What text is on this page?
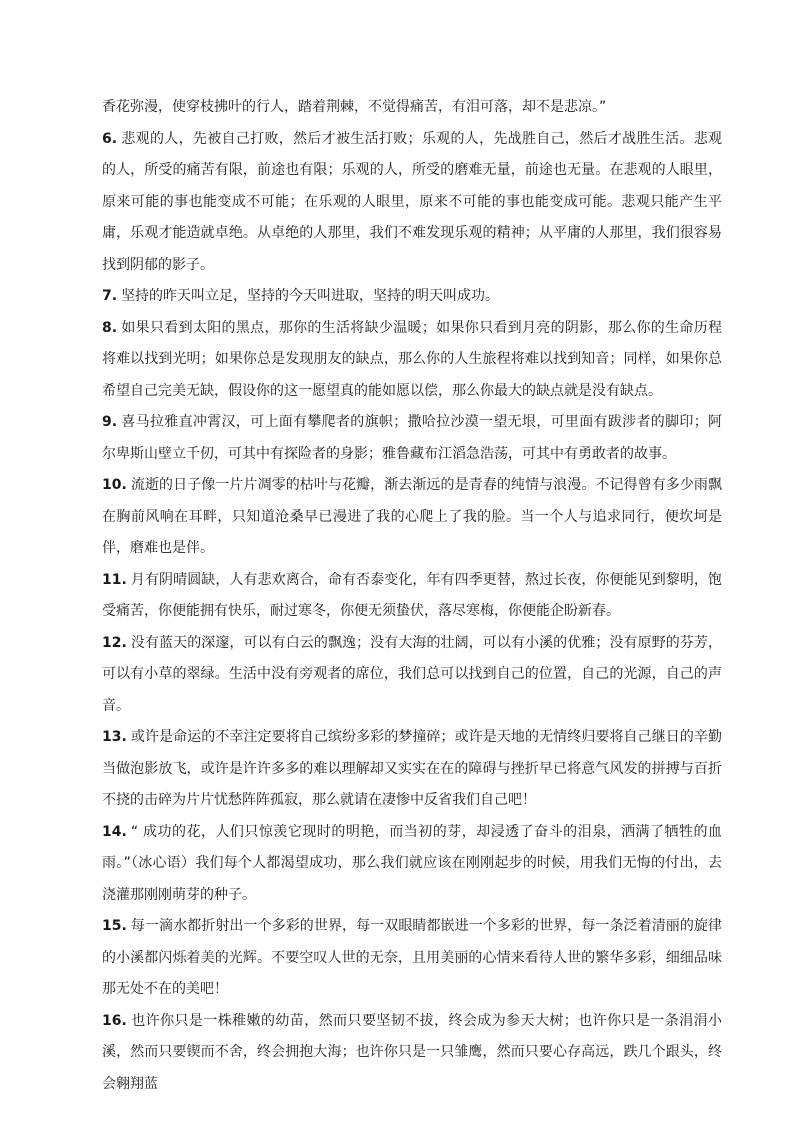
香花弥漫，使穿枝拂叶的行人，踏着荆棘，不觉得痛苦，有泪可落，却不是悲凉。”

6. 悲观的人，先被自己打败，然后才被生活打败；乐观的人，先战胜自己，然后才战胜生活。悲观的人，所受的痛苦有限，前途也有限；乐观的人，所受的磨难无量，前途也无量。在悲观的人眼里，原来可能的事也能变成不可能；在乐观的人眼里，原来不可能的事也能变成可能。悲观只能产生平庸，乐观才能造就卓绝。从卓绝的人那里，我们不难发现乐观的精神；从平庸的人那里，我们很容易找到阴郁的影子。

7. 坚持的昨天叫立足，坚持的今天叫进取，坚持的明天叫成功。

8. 如果只看到太阳的黑点，那你的生活将缺少温暖；如果你只看到月亮的阴影，那么你的生命历程将难以找到光明；如果你总是发现朋友的缺点，那么你的人生旅程将难以找到知音；同样，如果你总希望自己完美无缺，假设你的这一愿望真的能如愿以偿，那么你最大的缺点就是没有缺点。

9. 喜马拉雅直冲霄汉，可上面有攀爬者的旗帜；撒哈拉沙漠一望无垠，可里面有跋涉者的脚印；阿尔卑斯山壁立千仞，可其中有探险者的身影；雅鲁藏布江滔急浩荡，可其中有勇敢者的故事。

10. 流逝的日子像一片片凋零的枯叶与花瓣，渐去渐远的是青春的纯情与浪漫。不记得曾有多少雨飘在胸前风响在耳畔，只知道沧桑早已漫进了我的心爬上了我的脸。当一个人与追求同行，便坎坷是伴，磨难也是伴。

11. 月有阴晴圆缺，人有悲欢离合，命有否泰变化，年有四季更替，熬过长夜，你便能见到黎明，饱受痛苦，你便能拥有快乐，耐过寒冬，你便无须蛰伏，落尽寒梅，你便能企盼新春。

12. 没有蓝天的深邃，可以有白云的飘逸；没有大海的壮阔，可以有小溪的优雅；没有原野的芬芳，可以有小草的翠绿。生活中没有旁观者的席位，我们总可以找到自己的位置，自己的光源，自己的声音。

13. 或许是命运的不幸注定要将自己缤纷多彩的梦撞碎；或许是天地的无情终归要将自己继日的辛勤当做泡影放飞，或许是许许多多的难以理解却又实实在在的障碍与挫折早已将意气风发的拼搏与百折不挠的击碎为片片忧愁阵阵孤寂，那么就请在凄惨中反省我们自己吧！

14. “ 成功的花，人们只惊羡它现时的明艳，而当初的芽，却浸透了奋斗的泪泉，洒满了牺牲的血雨。”（冰心语）我们每个人都渴望成功，那么我们就应该在刚刚起步的时候，用我们无悔的付出，去浇灌那刚刚萌芽的种子。

15. 每一滴水都折射出一个多彩的世界，每一双眼睛都嵌进一个多彩的世界，每一条泛着清丽的旋律的小溪都闪烁着美的光辉。不要空叹人世的无奈，且用美丽的心情来看待人世的繁华多彩，细细品味那无处不在的美吧！

16. 也许你只是一株稚嫩的幼苗，然而只要坚韧不拔，终会成为参天大树；也许你只是一条涓涓小溪，然而只要锲而不舍，终会拥抱大海；也许你只是一只雏鹰，然而只要心存高远，跌几个跟头，终会翱翔蓝
